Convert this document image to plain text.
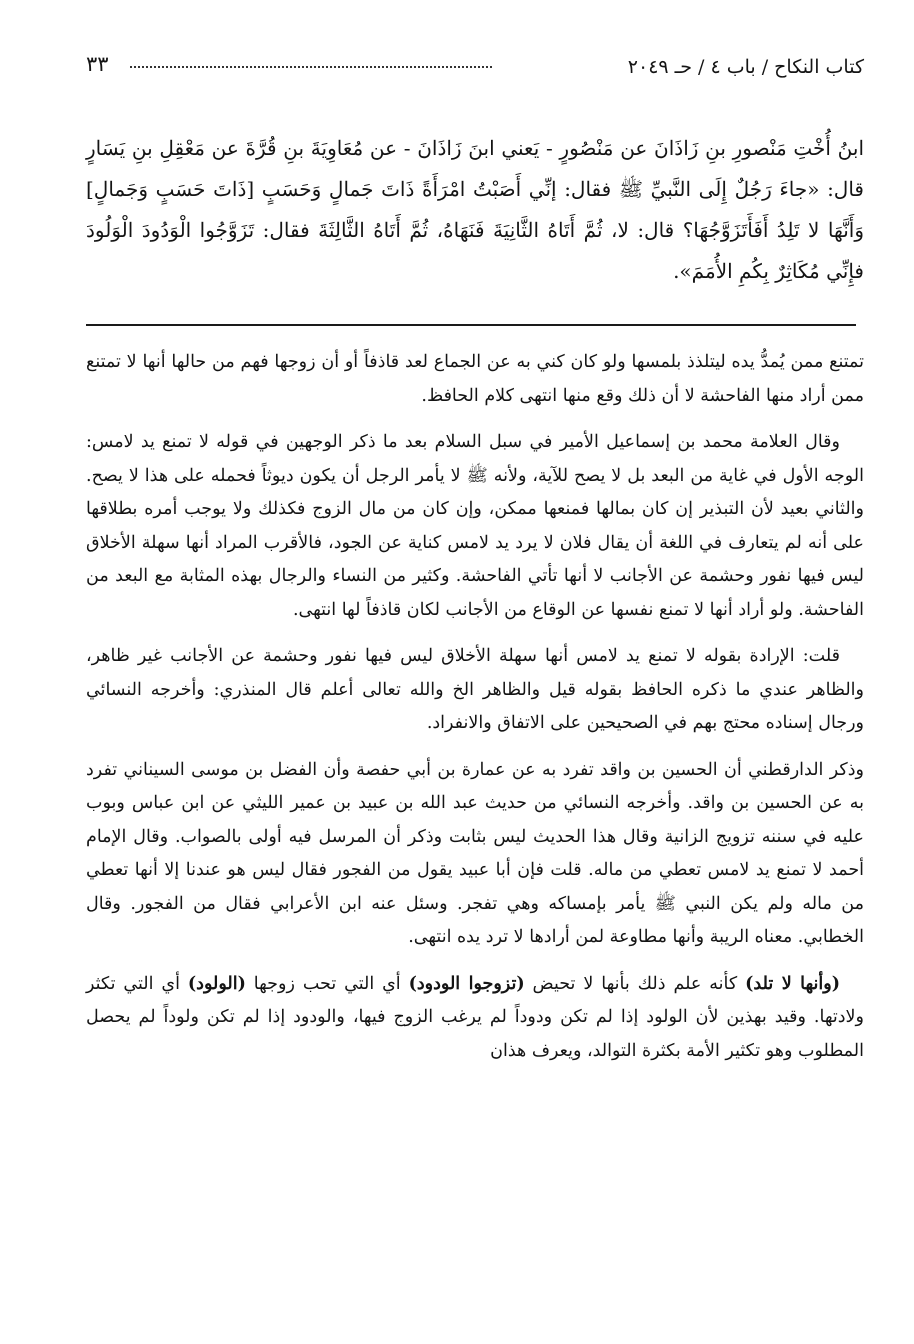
كتاب النكاح / باب ٤ / حـ ٢٠٤٩
٣٣

ابنُ أُخْتِ مَنْصورِ بنِ زَاذَانَ عن مَنْصُورٍ - يَعني ابنَ زَاذَانَ - عن مُعَاوِيَةَ بنِ قُرَّةَ عن مَعْقِلِ بنِ يَسَارٍ قال: «جاءَ رَجُلٌ إِلَى النَّبيِّ ﷺ فقال: إنِّي أَصَبْتُ امْرَأَةً ذَاتَ جَمالٍ وَحَسَبٍ [ذَاتَ حَسَبٍ وَجَمالٍ] وَأَنَّهَا لا تَلِدُ أَفَأَتَزَوَّجُهَا؟ قال: لا، ثُمَّ أَتَاهُ الثَّانِيَةَ فَنَهَاهُ، ثُمَّ أَتَاهُ الثَّالِثَةَ فقال: تَزَوَّجُوا الْوَدُودَ الْوَلُودَ فإِنِّي مُكَاثِرٌ بِكُمِ الأُمَمَ».

تمتنع ممن يُمدُّ يده ليتلذذ بلمسها ولو كان كني به عن الجماع لعد قاذفاً أو أن زوجها فهم من حالها أنها لا تمتنع ممن أراد منها الفاحشة لا أن ذلك وقع منها انتهى كلام الحافظ.

وقال العلامة محمد بن إسماعيل الأمير في سبل السلام بعد ما ذكر الوجهين في قوله لا تمنع يد لامس: الوجه الأول في غاية من البعد بل لا يصح للآية، ولأنه ﷺ لا يأمر الرجل أن يكون ديوثاً فحمله على هذا لا يصح. والثاني بعيد لأن التبذير إن كان بمالها فمنعها ممكن، وإن كان من مال الزوج فكذلك ولا يوجب أمره بطلاقها على أنه لم يتعارف في اللغة أن يقال فلان لا يرد يد لامس كناية عن الجود، فالأقرب المراد أنها سهلة الأخلاق ليس فيها نفور وحشمة عن الأجانب لا أنها تأتي الفاحشة. وكثير من النساء والرجال بهذه المثابة مع البعد من الفاحشة. ولو أراد أنها لا تمنع نفسها عن الوقاع من الأجانب لكان قاذفاً لها انتهى.

قلت: الإرادة بقوله لا تمنع يد لامس أنها سهلة الأخلاق ليس فيها نفور وحشمة عن الأجانب غير ظاهر، والظاهر عندي ما ذكره الحافظ بقوله قيل والظاهر الخ والله تعالى أعلم قال المنذري: وأخرجه النسائي ورجال إسناده محتج بهم في الصحيحين على الاتفاق والانفراد.

وذكر الدارقطني أن الحسين بن واقد تفرد به عن عمارة بن أبي حفصة وأن الفضل بن موسى السيناني تفرد به عن الحسين بن واقد. وأخرجه النسائي من حديث عبد الله بن عبيد بن عمير الليثي عن ابن عباس وبوب عليه في سننه تزويج الزانية وقال هذا الحديث ليس بثابت وذكر أن المرسل فيه أولى بالصواب. وقال الإمام أحمد لا تمنع يد لامس تعطي من ماله. قلت فإن أبا عبيد يقول من الفجور فقال ليس هو عندنا إلا أنها تعطي من ماله ولم يكن النبي ﷺ يأمر بإمساكه وهي تفجر. وسئل عنه ابن الأعرابي فقال من الفجور. وقال الخطابي. معناه الريبة وأنها مطاوعة لمن أرادها لا ترد يده انتهى.

(وأنها لا تلد) كأنه علم ذلك بأنها لا تحيض (تزوجوا الودود) أي التي تحب زوجها (الولود) أي التي تكثر ولادتها. وقيد بهذين لأن الولود إذا لم تكن ودوداً لم يرغب الزوج فيها، والودود إذا لم تكن ولوداً لم يحصل المطلوب وهو تكثير الأمة بكثرة التوالد، ويعرف هذان
